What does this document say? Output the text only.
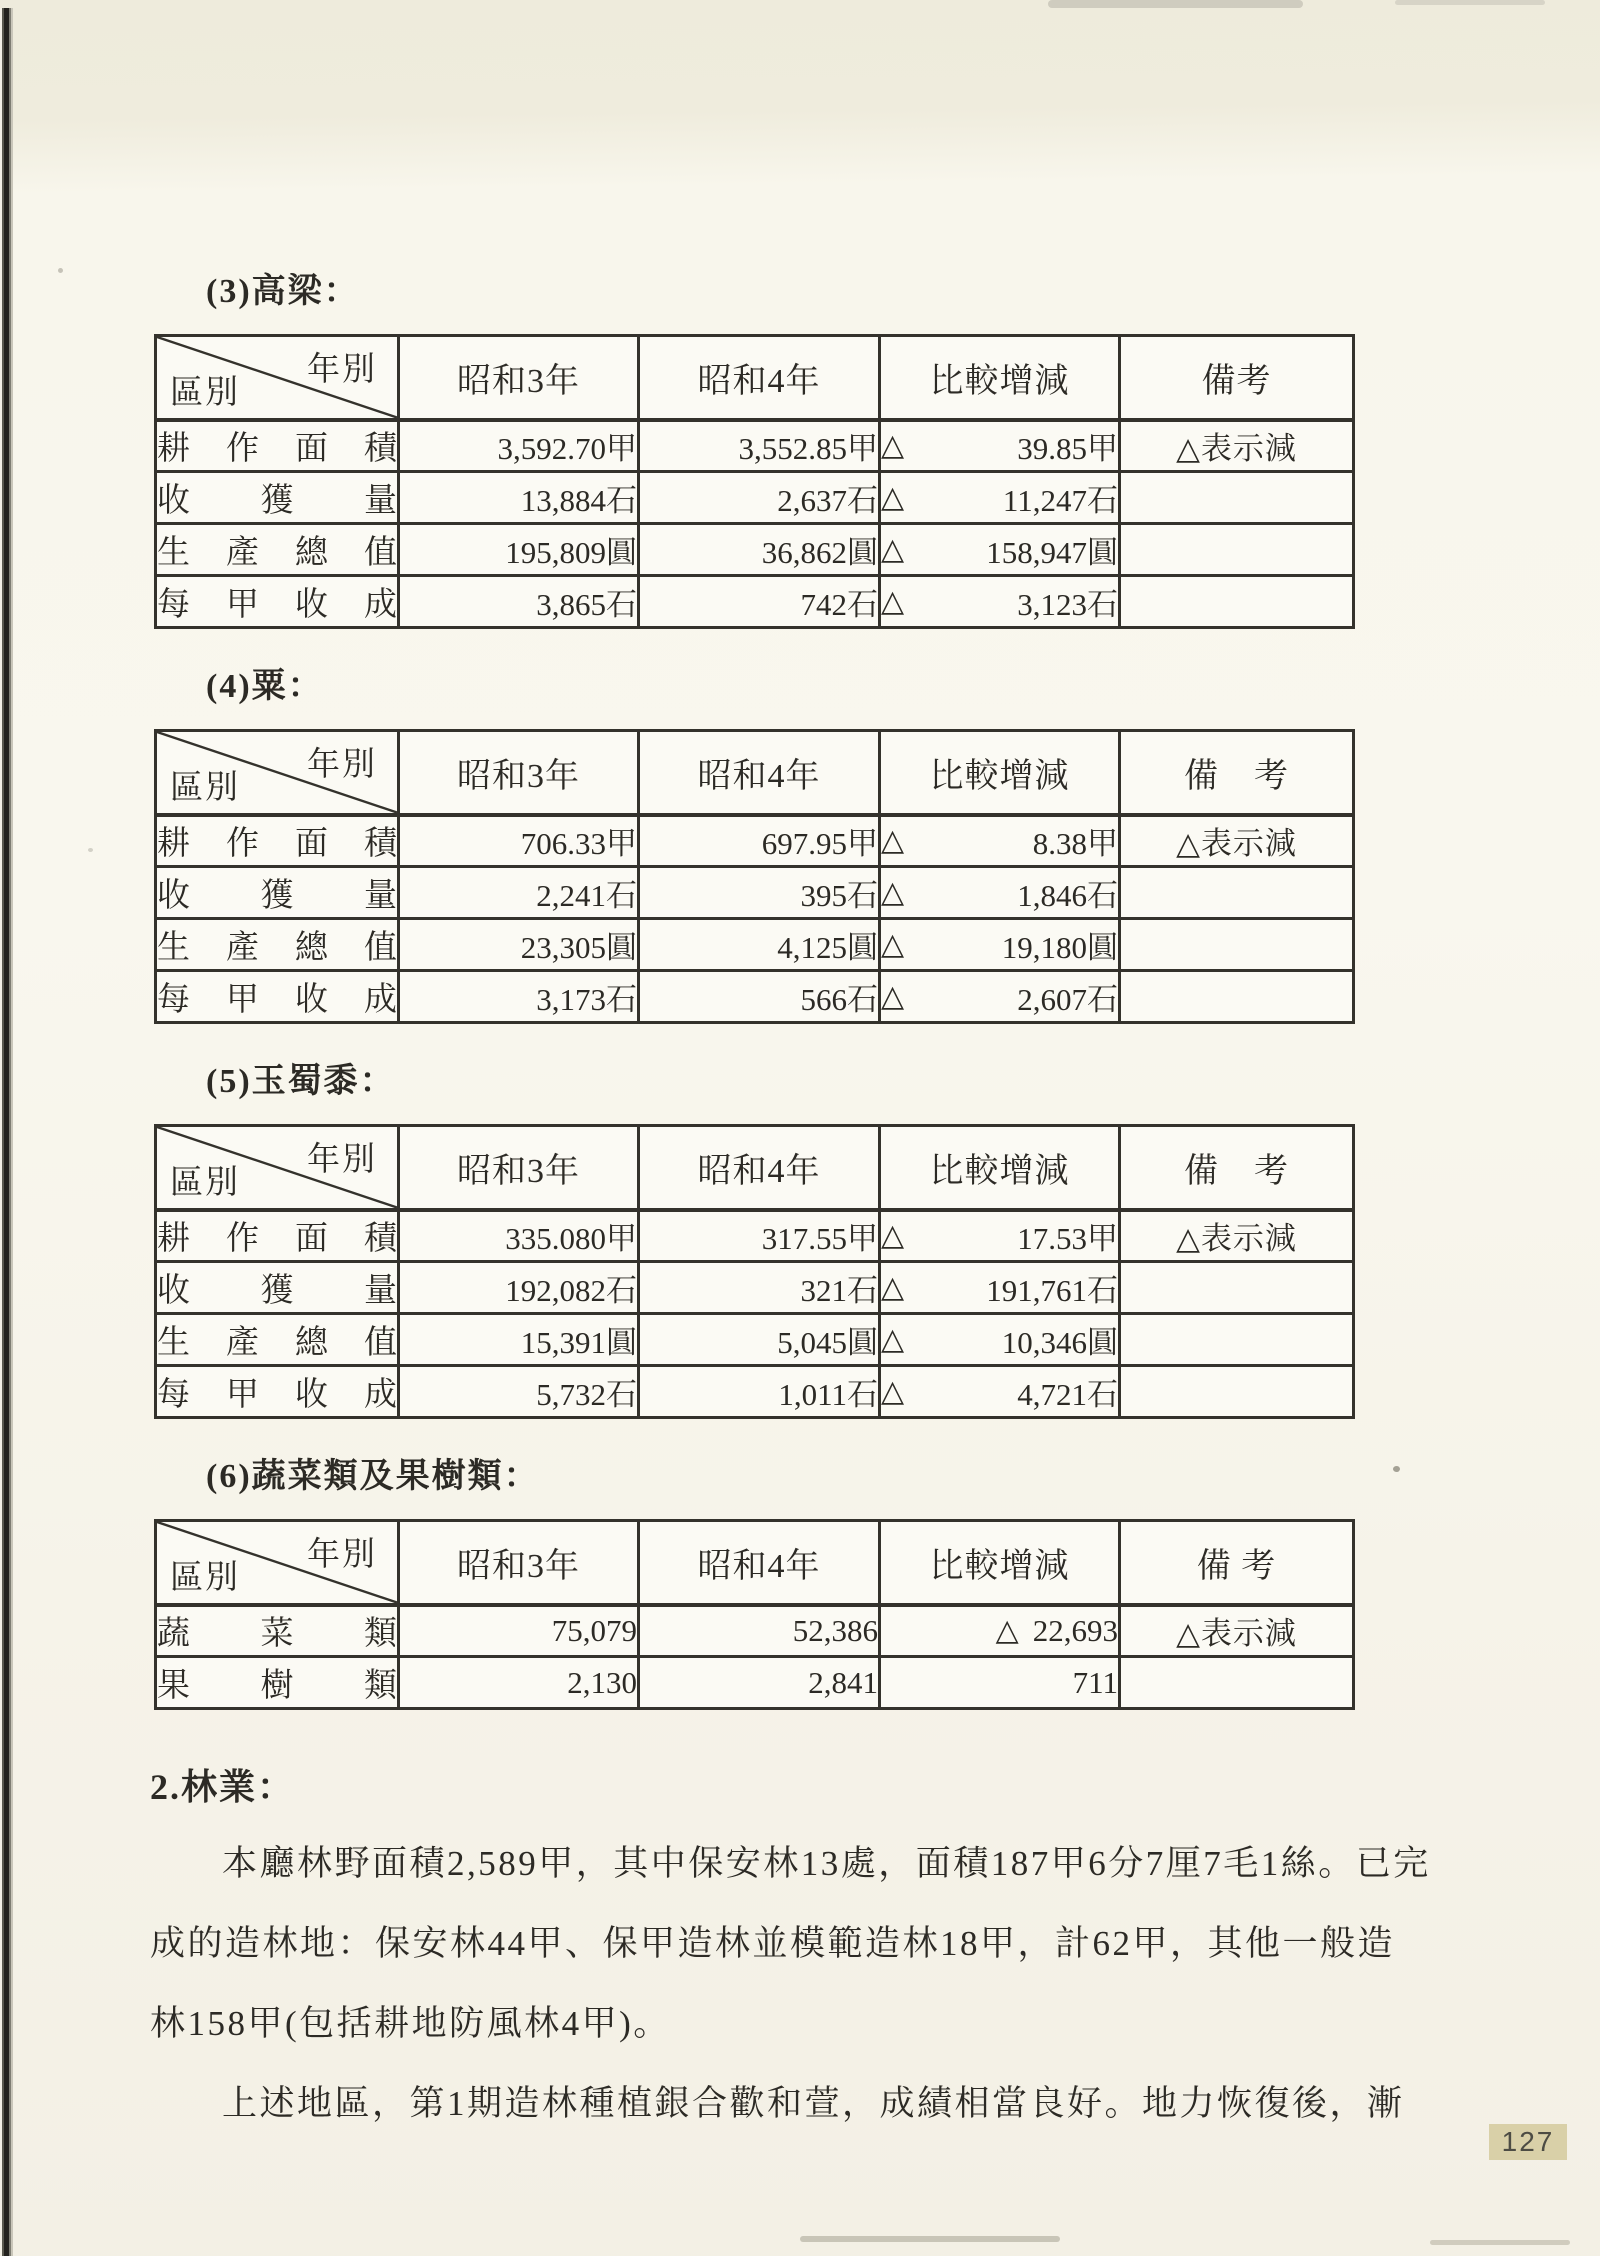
(3)高梁：
年別
區別	昭和3年	昭和4年	比較增減	備考

耕 作 面 積	3,592.70甲	3,552.85甲	△ 39.85甲	△表示減

收 獲 量	13,884石	2,637石	△ 11,247石	

生 產 總 值	195,809圓	36,862圓	△ 158,947圓	

每 甲 收 成	3,865石	742石	△ 3,123石	

(4)粟：
年別
區別	昭和3年	昭和4年	比較增減	備　考

耕 作 面 積	706.33甲	697.95甲	△ 8.38甲	△表示減

收 獲 量	2,241石	395石	△ 1,846石	

生 產 總 值	23,305圓	4,125圓	△ 19,180圓	

每 甲 收 成	3,173石	566石	△ 2,607石	

(5)玉蜀黍：
年別
區別	昭和3年	昭和4年	比較增減	備　考

耕 作 面 積	335.080甲	317.55甲	△ 17.53甲	△表示減

收 獲 量	192,082石	321石	△ 191,761石	

生 產 總 值	15,391圓	5,045圓	△ 10,346圓	

每 甲 收 成	5,732石	1,011石	△ 4,721石	

(6)蔬菜類及果樹類：
年別
區別	昭和3年	昭和4年	比較增減	備 考

蔬 菜 類	75,079	52,386	△ 22,693	△表示減

果 樹 類	2,130	2,841	711	

2.林業：
本廳林野面積2,589甲，其中保安林13處，面積187甲6分7厘7毛1絲。已完
成的造林地：保安林44甲、保甲造林並模範造林18甲，計62甲，其他一般造
林158甲(包括耕地防風林4甲)。
上述地區，第1期造林種植銀合歡和萱，成績相當良好。地力恢復後，漸
127
